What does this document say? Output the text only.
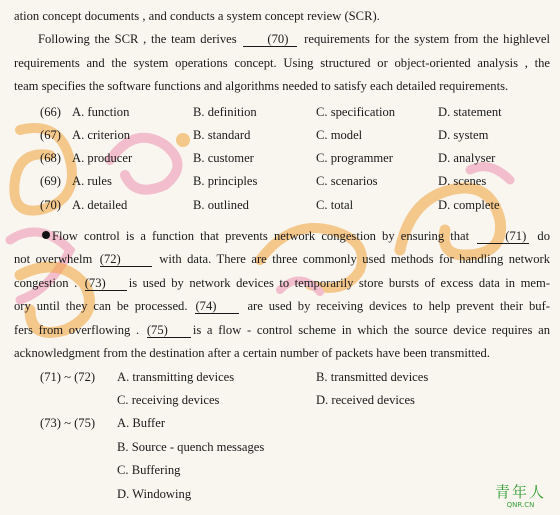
ation concept documents , and conducts a system concept review (SCR).
Following the SCR , the team derives (70) requirements for the system from the highlevel
requirements and the system operations concept. Using structured or object-oriented analysis , the
team specifies the software functions and algorithms needed to satisfy each detailed requirements.
(66) A. function	B. definition	C. specification	D. statement
(67) A. criterion	B. standard	C. model	D. system
(68) A. producer	B. customer	C. programmer	D. analyser
(69) A. rules	B. principles	C. scenarios	D. scenes
(70) A. detailed	B. outlined	C. total	D. complete
Flow control is a function that prevents network congestion by ensuring that	(71) do
not overwhelm (72)	with data. There are three commonly used methods for handling network
congestion . (73) is used by network devices to temporarily store bursts of excess data in mem-
ory until they can be processed. (74) are used by receiving devices to help prevent their buf-
fers from overflowing . (75) is a flow - control scheme in which the source device requires an
acknowledgment from the destination after a certain number of packets have been transmitted.
(71) ~ (72) A. transmitting devices	B. transmitted devices
C. receiving devices	D. received devices
(73) ~ (75) A. Buffer
B. Source - quench messages
C. Buffering
D. Windowing	青年人
QNR.CN
